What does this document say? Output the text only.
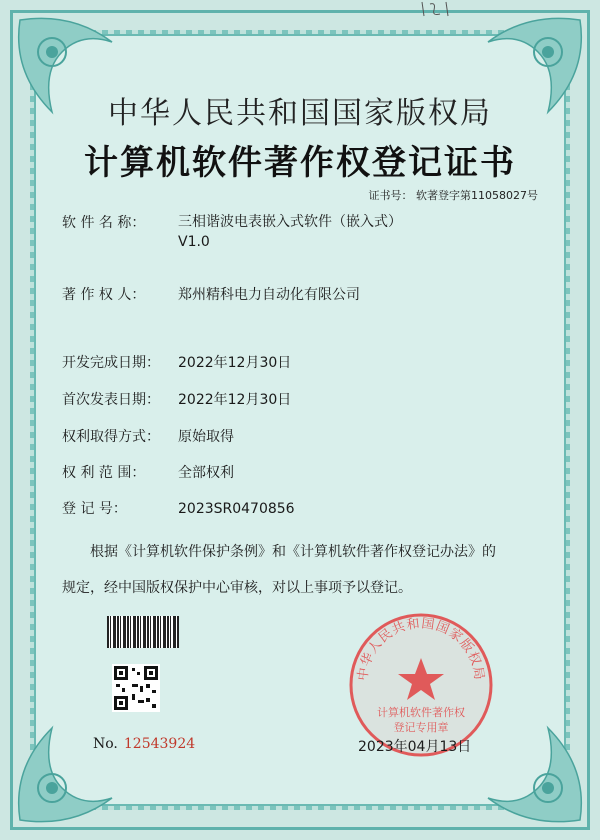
中华人民共和国国家版权局
计算机软件著作权登记证书
证书号： 软著登字第11058027号
软 件 名 称： 三相谐波电表嵌入式软件（嵌入式）
V1.0
著 作 权 人： 郑州精科电力自动化有限公司
开发完成日期： 2022年12月30日
首次发表日期： 2022年12月30日
权利取得方式： 原始取得
权 利 范 围： 全部权利
登 记 号：	2023SR0470856
根据《计算机软件保护条例》和《计算机软件著作权登记办法》的
规定，经中国版权保护中心审核，对以上事项予以登记。
No. 12543924
中华人民共和国国家版权局
计算机软件著作权
登记专用章
2023年04月13日
